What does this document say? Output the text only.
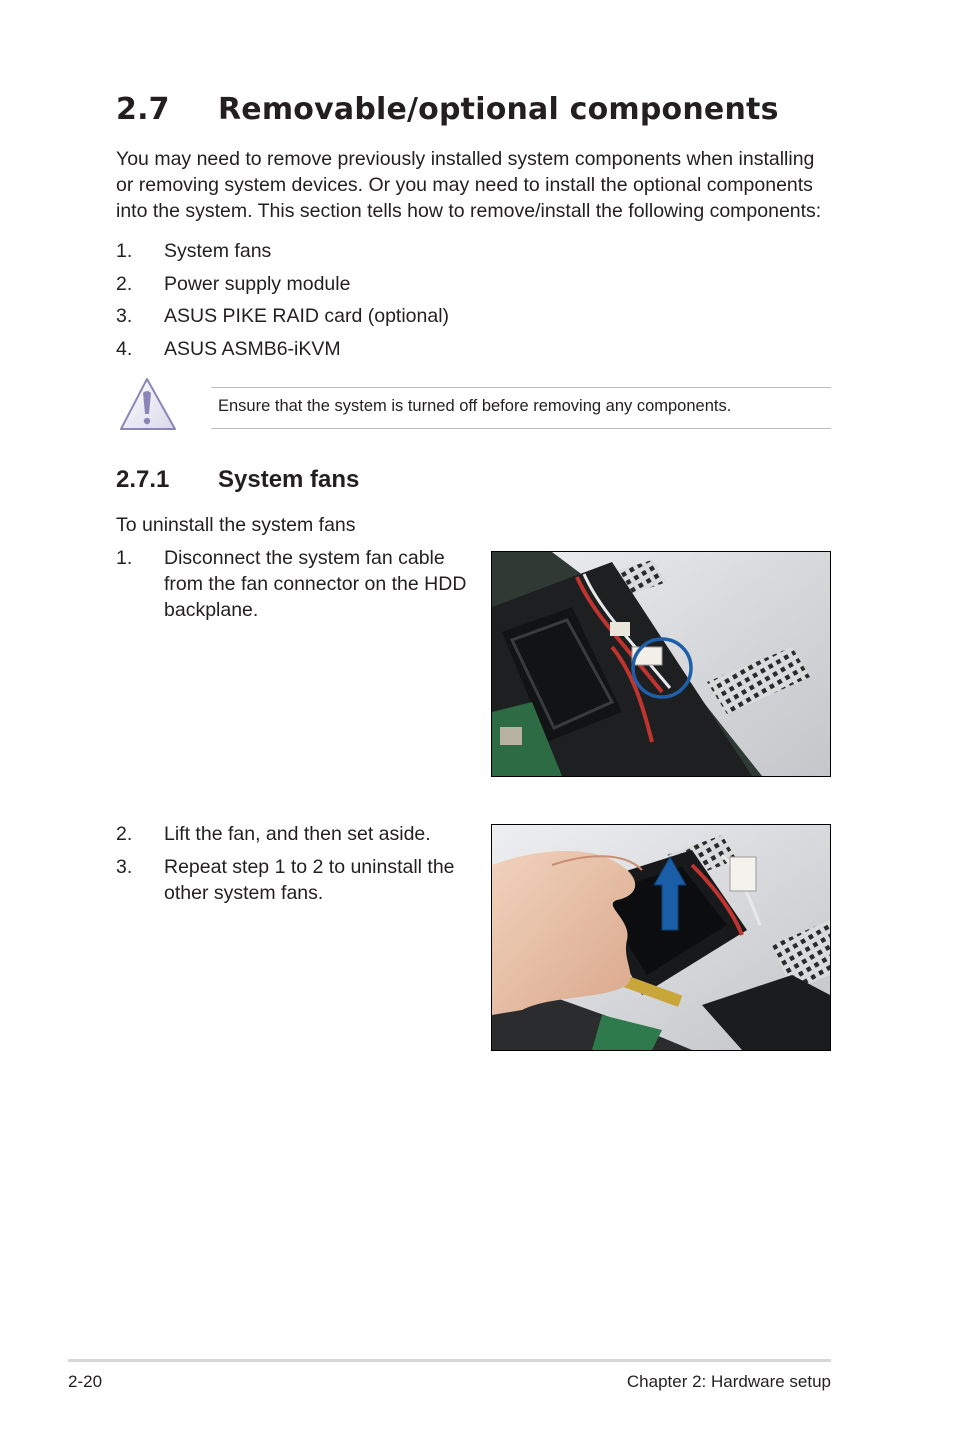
2.7 Removable/optional components

You may need to remove previously installed system components when installing or removing system devices. Or you may need to install the optional components into the system. This section tells how to remove/install the following components:

1. System fans
2. Power supply module
3. ASUS PIKE RAID card (optional)
4. ASUS ASMB6-iKVM
Ensure that the system is turned off before removing any components.
2.7.1 System fans

To uninstall the system fans

1. Disconnect the system fan cable from the fan connector on the HDD backplane.
2. Lift the fan, and then set aside.
3. Repeat step 1 to 2 to uninstall the other system fans.
2-20	Chapter 2: Hardware setup
